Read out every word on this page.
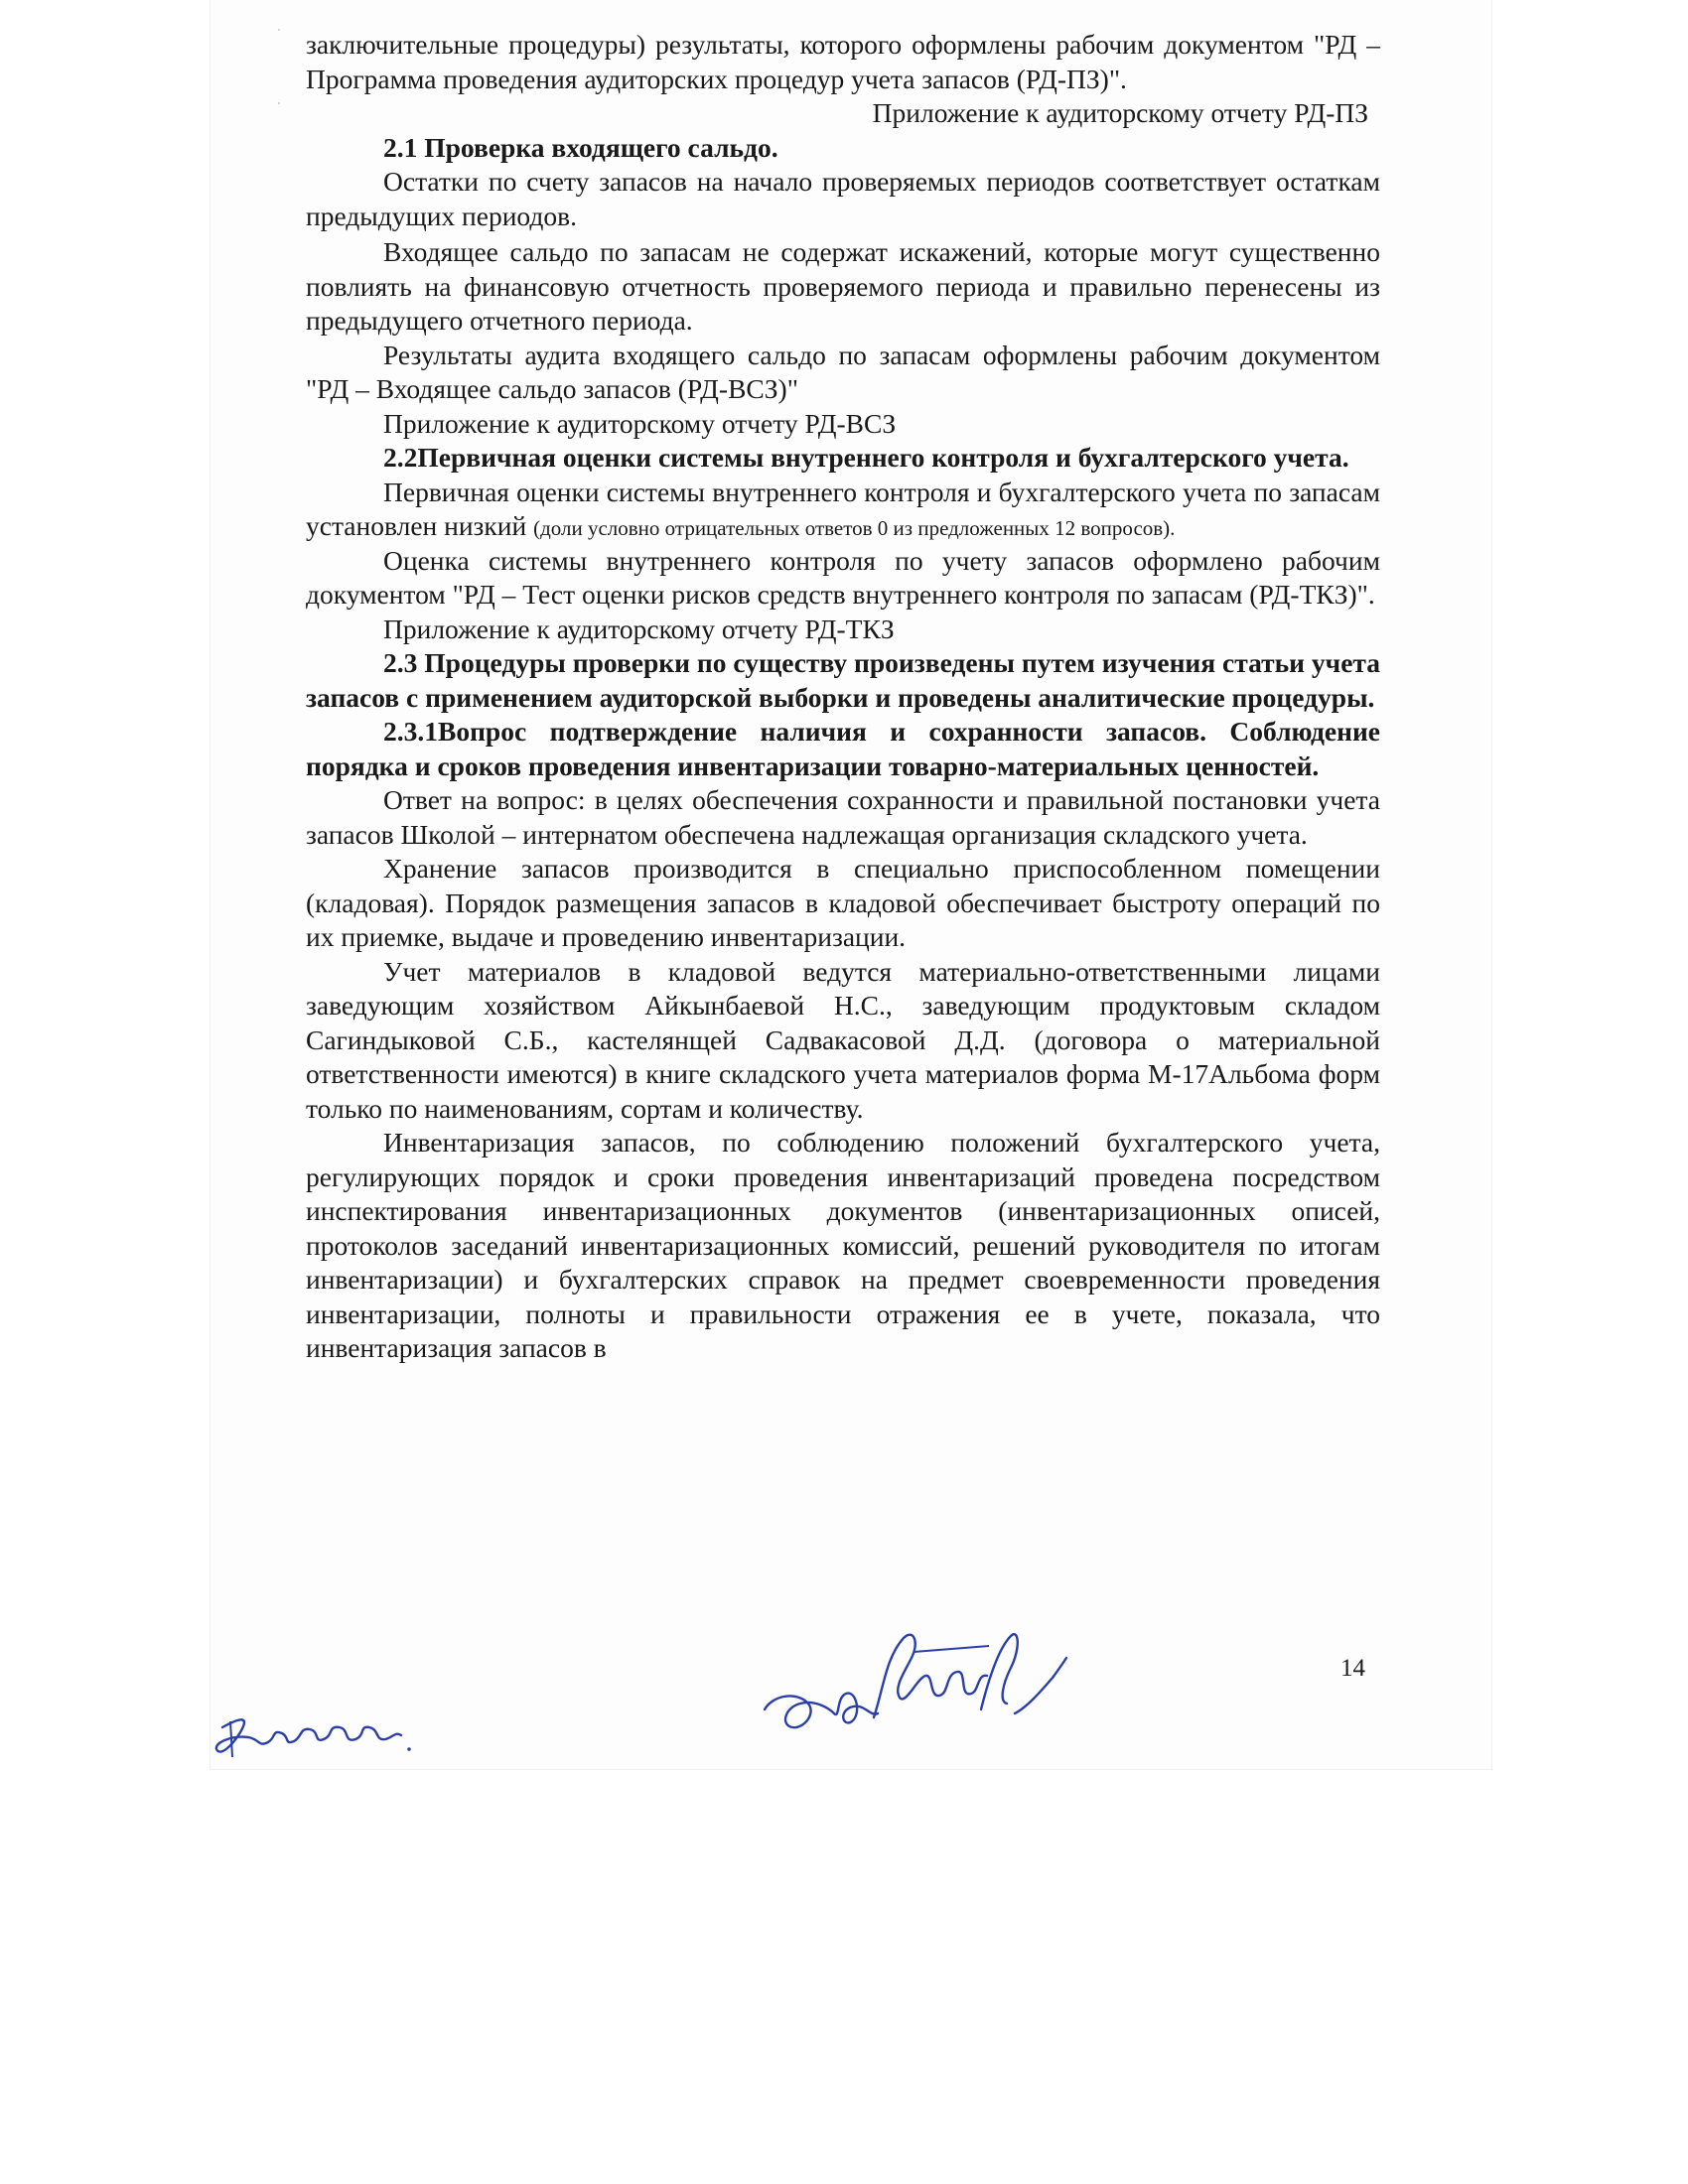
·
·

заключительные процедуры) результаты, которого оформлены рабочим документом "РД – Программа проведения аудиторских процедур учета запасов (РД-ПЗ)".

Приложение к аудиторскому отчету РД-ПЗ

2.1 Проверка входящего сальдо.

Остатки по счету запасов на начало проверяемых периодов соответствует остаткам предыдущих периодов.

Входящее сальдо по запасам не содержат искажений, которые могут существенно повлиять на финансовую отчетность проверяемого периода и правильно перенесены из предыдущего отчетного периода.

Результаты аудита входящего сальдо по запасам оформлены рабочим документом "РД – Входящее сальдо запасов (РД-ВСЗ)"

Приложение к аудиторскому отчету РД-ВСЗ

2.2Первичная оценки системы внутреннего контроля и бухгалтерского учета.

Первичная оценки системы внутреннего контроля и бухгалтерского учета по запасам установлен низкий (доли условно отрицательных ответов 0 из предложенных 12 вопросов).

Оценка системы внутреннего контроля по учету запасов оформлено рабочим документом "РД – Тест оценки рисков средств внутреннего контроля по запасам (РД-ТКЗ)".

Приложение к аудиторскому отчету РД-ТКЗ

2.3 Процедуры проверки по существу произведены путем изучения статьи учета запасов с применением аудиторской выборки и проведены аналитические процедуры.

2.3.1Вопрос подтверждение наличия и сохранности запасов. Соблюдение порядка и сроков проведения инвентаризации товарно-материальных ценностей.

Ответ на вопрос: в целях обеспечения сохранности и правильной постановки учета запасов Школой – интернатом обеспечена надлежащая организация складского учета.

Хранение запасов производится в специально приспособленном помещении (кладовая). Порядок размещения запасов в кладовой обеспечивает быстроту операций по их приемке, выдаче и проведению инвентаризации.

Учет материалов в кладовой ведутся материально-ответственными лицами заведующим хозяйством Айкынбаевой Н.С., заведующим продуктовым складом Сагиндыковой С.Б., кастелянщей Садвакасовой Д.Д. (договора о материальной ответственности имеются) в книге складского учета материалов форма М-17Альбома форм только по наименованиям, сортам и количеству.

Инвентаризация запасов, по соблюдению положений бухгалтерского учета, регулирующих порядок и сроки проведения инвентаризаций проведена посредством инспектирования инвентаризационных документов (инвентаризационных описей, протоколов заседаний инвентаризационных комиссий, решений руководителя по итогам инвентаризации) и бухгалтерских справок на предмет своевременности проведения инвентаризации, полноты и правильности отражения ее в учете, показала, что инвентаризация запасов в

14
